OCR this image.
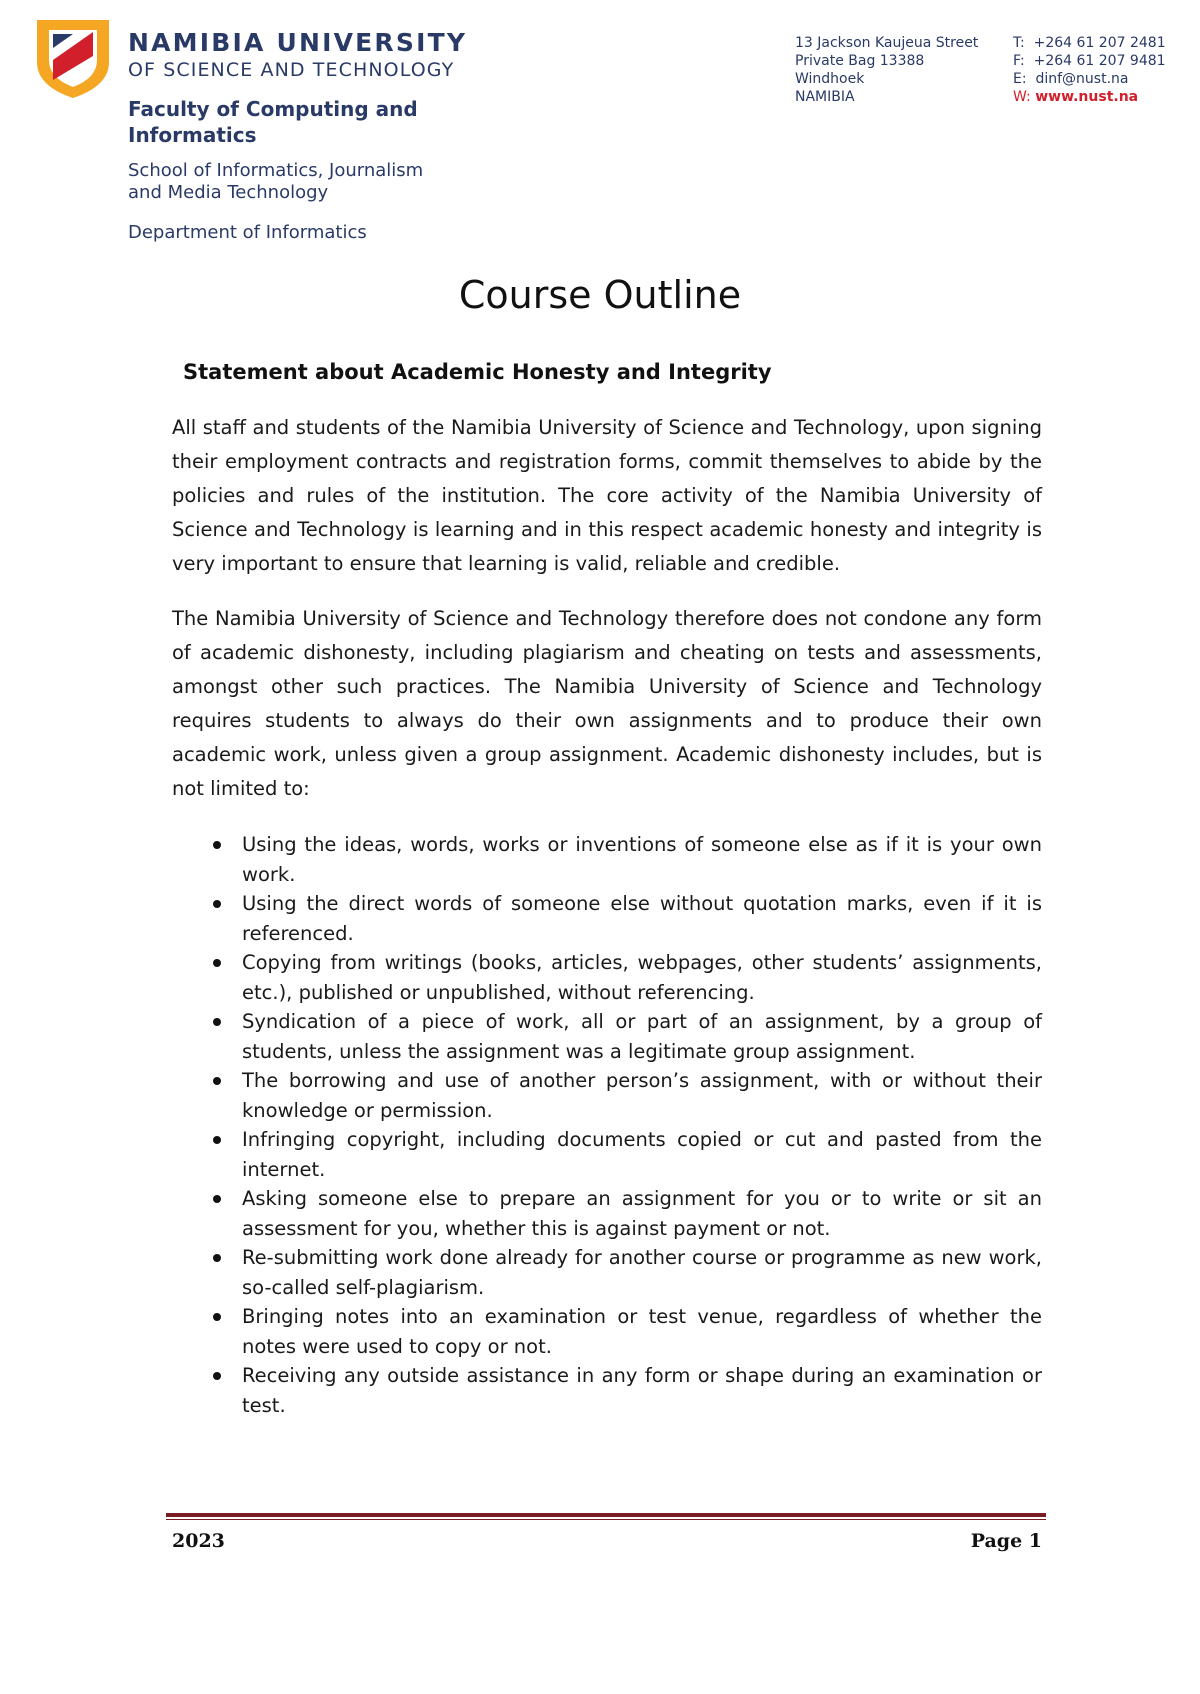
NAMIBIA UNIVERSITY
OF SCIENCE AND TECHNOLOGY
Faculty of Computing and Informatics
School of Informatics, Journalism and Media Technology
Department of Informatics
13 Jackson Kaujeua Street
Private Bag 13388
Windhoek
NAMIBIA
T: +264 61 207 2481
F: +264 61 207 9481
E: dinf@nust.na
W: www.nust.na
Course Outline
Statement about Academic Honesty and Integrity

All staff and students of the Namibia University of Science and Technology, upon signing their employment contracts and registration forms, commit themselves to abide by the policies and rules of the institution. The core activity of the Namibia University of Science and Technology is learning and in this respect academic honesty and integrity is very important to ensure that learning is valid, reliable and credible.

The Namibia University of Science and Technology therefore does not condone any form of academic dishonesty, including plagiarism and cheating on tests and assessments, amongst other such practices. The Namibia University of Science and Technology requires students to always do their own assignments and to produce their own academic work, unless given a group assignment. Academic dishonesty includes, but is not limited to:

Using the ideas, words, works or inventions of someone else as if it is your own work.
Using the direct words of someone else without quotation marks, even if it is referenced.
Copying from writings (books, articles, webpages, other students’ assignments, etc.), published or unpublished, without referencing.
Syndication of a piece of work, all or part of an assignment, by a group of students, unless the assignment was a legitimate group assignment.
The borrowing and use of another person’s assignment, with or without their knowledge or permission.
Infringing copyright, including documents copied or cut and pasted from the internet.
Asking someone else to prepare an assignment for you or to write or sit an assessment for you, whether this is against payment or not.
Re-submitting work done already for another course or programme as new work, so-called self-plagiarism.
Bringing notes into an examination or test venue, regardless of whether the notes were used to copy or not.
Receiving any outside assistance in any form or shape during an examination or test.
2023	Page 1
